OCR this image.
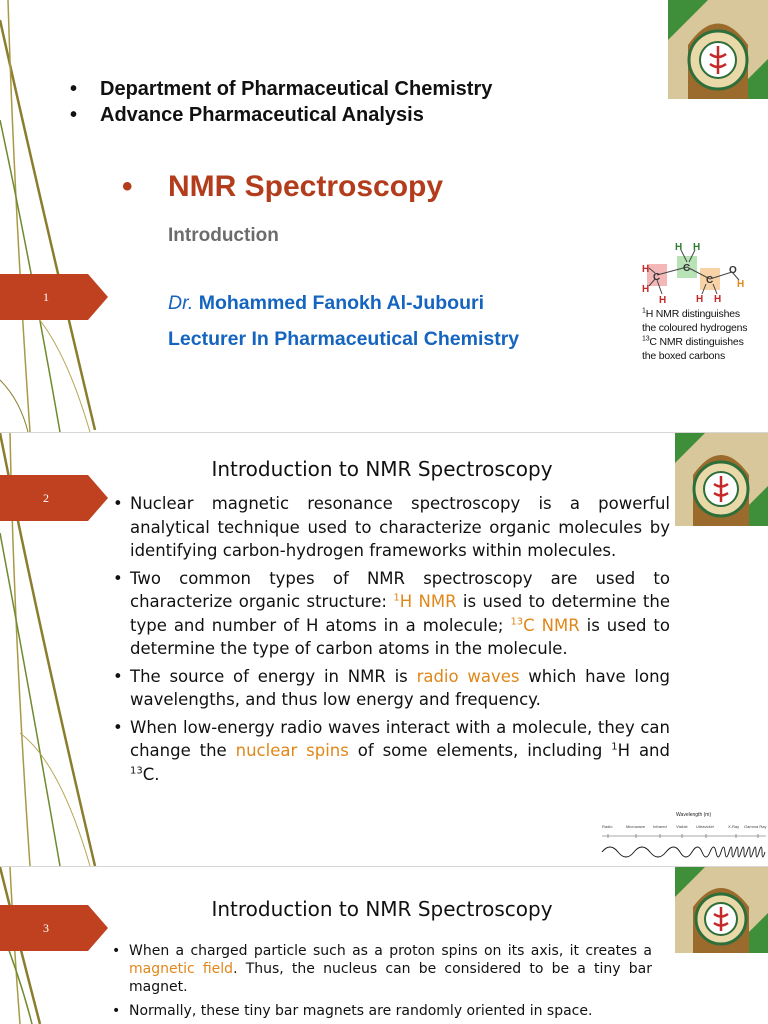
1
• Department of Pharmaceutical Chemistry
• Advance Pharmaceutical Analysis
• NMR Spectroscopy
Introduction
Dr. Mohammed Fanokh Al-Jubouri
Lecturer In Pharmaceutical Chemistry
H H
H
C
C
C
O
H
H
H	H H
$^1$H NMR distinguishes
the coloured hydrogens
$^{13}$C NMR distinguishes
the boxed carbons
2
Introduction to NMR Spectroscopy
• Nuclear magnetic resonance spectroscopy is a powerful analytical technique used to characterize organic molecules by identifying carbon-hydrogen frameworks within molecules.
• Two common types of NMR spectroscopy are used to characterize organic structure: $^1$H NMR is used to determine the type and number of H atoms in a molecule; $^{13}$C NMR is used to determine the type of carbon atoms in the molecule.
• The source of energy in NMR is radio waves which have long wavelengths, and thus low energy and frequency.
• When low-energy radio waves interact with a molecule, they can change the nuclear spins of some elements, including $^1$H and $^{13}$C.
Wavelength (m)
Radio	Microwave Infrared Visible Ultraviolet	X-Ray Gamma Ray
3
Introduction to NMR Spectroscopy
• When a charged particle such as a proton spins on its axis, it creates a magnetic field. Thus, the nucleus can be considered to be a tiny bar magnet.
• Normally, these tiny bar magnets are randomly oriented in space.
